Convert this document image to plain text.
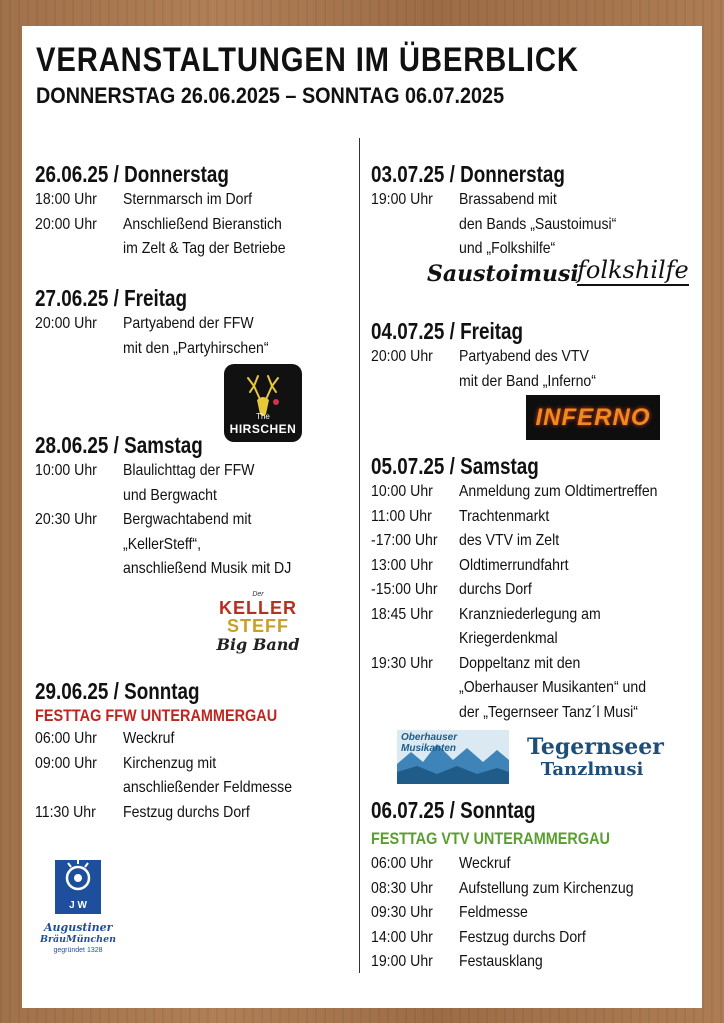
VERANSTALTUNGEN IM ÜBERBLICK
DONNERSTAG 26.06.2025 – SONNTAG 06.07.2025
26.06.25 / Donnerstag
18:00 Uhr	Sternmarsch im Dorf
20:00 Uhr	Anschließend Bieranstich
im Zelt & Tag der Betriebe
27.06.25 / Freitag
20:00 Uhr	Partyabend der FFW
mit den „Partyhirschen“
The
HIRSCHEN
28.06.25 / Samstag
10:00 Uhr	Blaulichttag der FFW
und Bergwacht
20:30 Uhr	Bergwachtabend mit
„KellerSteff“,
anschließend Musik mit DJ
Der
KELLER
STEFF
Big Band
29.06.25 / Sonntag
FESTTAG FFW UNTERAMMERGAU
06:00 Uhr	Weckruf
09:00 Uhr	Kirchenzug mit
anschließender Feldmesse
11:30 Uhr	Festzug durchs Dorf
J W
Augustiner
BräuMünchen
gegründet 1328
03.07.25 / Donnerstag
19:00 Uhr	Brassabend mit
den Bands „Saustoimusi“
und „Folkshilfe“
Saustoimusi
folkshilfe
04.07.25 / Freitag
20:00 Uhr	Partyabend des VTV
mit der Band „Inferno“
INFERNO
05.07.25 / Samstag
10:00 Uhr	Anmeldung zum Oldtimertreffen
11:00 Uhr	Trachtenmarkt
-17:00 Uhr	des VTV im Zelt
13:00 Uhr	Oldtimerrundfahrt
-15:00 Uhr	durchs Dorf
18:45 Uhr	Kranzniederlegung am
Kriegerdenkmal
19:30 Uhr	Doppeltanz mit den
„Oberhauser Musikanten“ und
der „Tegernseer Tanz´l Musi“
Oberhauser Musikanten	Tegernseer
Tanzlmusi
06.07.25 / Sonntag
FESTTAG VTV UNTERAMMERGAU
06:00 Uhr	Weckruf
08:30 Uhr	Aufstellung zum Kirchenzug
09:30 Uhr	Feldmesse
14:00 Uhr	Festzug durchs Dorf
19:00 Uhr	Festausklang
